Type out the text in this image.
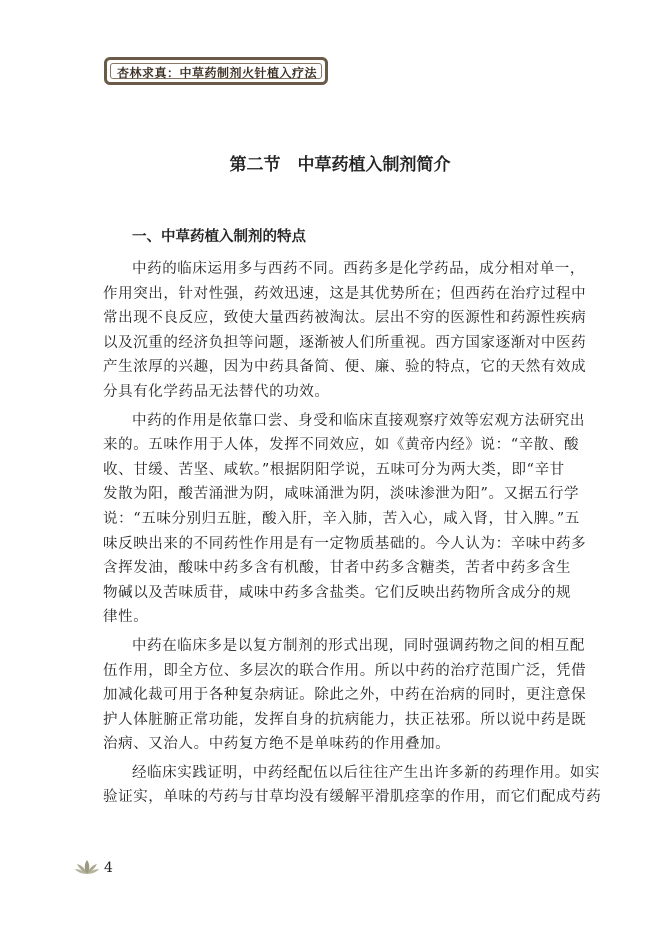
杏林求真：中草药制剂火针植入疗法
第二节　中草药植入制剂简介
一、中草药植入制剂的特点

中药的临床运用多与西药不同。西药多是化学药品，成分相对单一，
作用突出，针对性强，药效迅速，这是其优势所在；但西药在治疗过程中
常出现不良反应，致使大量西药被淘汰。层出不穷的医源性和药源性疾病
以及沉重的经济负担等问题，逐渐被人们所重视。西方国家逐渐对中医药
产生浓厚的兴趣，因为中药具备简、便、廉、验的特点，它的天然有效成
分具有化学药品无法替代的功效。

中药的作用是依靠口尝、身受和临床直接观察疗效等宏观方法研究出
来的。五味作用于人体，发挥不同效应，如《黄帝内经》说：“辛散、酸
收、甘缓、苦坚、咸软。”根据阴阳学说，五味可分为两大类，即“辛甘
发散为阳，酸苦涌泄为阴，咸味涌泄为阴，淡味渗泄为阳”。又据五行学
说：“五味分别归五脏，酸入肝，辛入肺，苦入心，咸入肾，甘入脾。”五
味反映出来的不同药性作用是有一定物质基础的。今人认为：辛味中药多
含挥发油，酸味中药多含有机酸，甘者中药多含糖类，苦者中药多含生
物碱以及苦味质苷，咸味中药多含盐类。它们反映出药物所含成分的规
律性。

中药在临床多是以复方制剂的形式出现，同时强调药物之间的相互配
伍作用，即全方位、多层次的联合作用。所以中药的治疗范围广泛，凭借
加减化裁可用于各种复杂病证。除此之外，中药在治病的同时，更注意保
护人体脏腑正常功能，发挥自身的抗病能力，扶正祛邪。所以说中药是既
治病、又治人。中药复方绝不是单味药的作用叠加。

经临床实践证明，中药经配伍以后往往产生出许多新的药理作用。如实
验证实，单味的芍药与甘草均没有缓解平滑肌痉挛的作用，而它们配成芍药

4
